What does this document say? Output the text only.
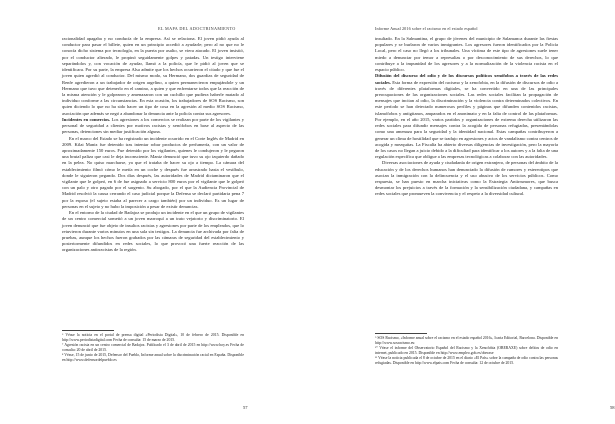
EL MAPA DEL ADOCTRINAMIENTO

racionalidad apagaba y no conducía de la empresa. Así se relaciona. El joven pidió ayuda al conductor para pasar el billete, quien en un principio accedió a ayudarle; pero al no que no le conocía dicho sistema por tecnología, en la puerta por asalto, se viera atacado. El joven insistió, por el conductor alterado, le propinó seguidamente golpes y patadas. Un testigo interviene separándolos y, con vocación de ayudar, llamó a la policía, que le pidió al joven que se identificara. Por su parte, la empresa Alsa admite que los hechos ocurrieron el citado y que fue el joven quien agredió al conductor. Del mismo modo, su Hermano, dos guardias de seguridad de Renfe agredieron a un trabajador de origen argelino, a quien permanecieron empujándole y un Hermano que tuvo que detenerlo en el camino, a quien y que enfrentarse todos que la reacción de la misma atención y le golpearon y amenazaron con un cuchillo que pudiera haberle matado al individuo conforme a las circunstancias. En esta ocasión, los trabajadores de SOS Racismo, son quien diciendo lo que no ha sido hacer un tipo de cosa en la agresión al medio SOS Racismo, asociación que además se negó a abandonar la denuncia ante la policía contra sus agresores.

Incidentes en comercios. Los agresiones a los comercios se realizan por parte de los vigilantes y personal de seguridad a clientes por motivos racistas y xenófobos en base al aspecto de las personas, detenciones sin mediar justificación alguna.

En el marco del Estado se ha registrado un incidente ocurrido en el Corte Inglés de Madrid en 2009. Kilai Maniz fue detenido tras intentar robar productos de perfumería, con un valor de aproximadamente 150 euros. Fue detenido por los vigilantes, quienes le condujeron y le pegaron una brutal paliza que casi le deja inconsciente. Maniz denunció que tuvo su ojo izquierdo dañado en la pelea. No quiso marcharse, ya que el trataba de hacer su ojo a tiempo. La cámara del establecimiento filmó cómo le metía en un coche y después fue arrastrado hasta el vestíbulo, donde le siguieron pegando. Dos días después, las autoridades de Madrid dictaminaron que el vigilante que le golpeó, en 6 de fue asignado a servicio 800 euros por el vigilante que le golpeó con un palo y otro pagado por el sargento. Su abogado, por el que la Audiencia Provincial de Madrid resolvió la causa cerrando el caso judicial porque la Defensa se declaró partidaria pena 7 por la esposa (el sujeto estaba al parecer a cargo también) por un individuo. Es un lugar de personas en el sujeto y no hubo la imposición a pesar de existir denuncias.

En el entorno de la ciudad de Badajoz se produjo un incidente en el que un grupo de vigilantes de un centro comercial sometió a un joven marroquí a un trato vejatorio y discriminatorio. El joven denunció que fue objeto de insultos racistas y agresiones por parte de los empleados, que lo retuvieron durante varios minutos en una sala sin testigos. La denuncia fue archivada por falta de pruebas, aunque los hechos fueron grabados por las cámaras de seguridad del establecimiento y posteriormente difundidos en redes sociales, lo que provocó una fuerte reacción de las organizaciones antirracistas de la región.

⁶ Véase la noticia en el portal de prensa digital «Periodista Digital», 10 de febrero de 2015. Disponible en http://www.periodistadigital.com Fecha de consulta: 15 de marzo de 2015.

⁷ Agresión racista en un centro comercial de Badajoz. Publicado el 3 de abril de 2015 en http://www.hoy.es Fecha de consulta: 20 de abril de 2015.

⁸ Véase, 15 de junio de 2015, Defensor del Pueblo, Informe anual sobre la discriminación racial en España. Disponible en http://www.defensordelpueblo.es

57
Informe Anual 2016 sobre el racismo en el estado español

insultado. En la Salmantina, el grupo de jóvenes del municipio de Salamanca durante las fiestas populares y se burlaron de varios inmigrantes. Los agresores fueron identificados por la Policía Local, pero el caso no llegó a los tribunales. Una víctima de este tipo de agresiones suele tener miedo a denunciar por temor a represalias o por desconocimiento de sus derechos, lo que contribuye a la impunidad de los agresores y a la normalización de la violencia racista en el espacio público.

Difusión del discurso del odio y de los discursos políticos xenófobos a través de las redes sociales. Esta forma de expresión del racismo y la xenofobia, en la difusión de discursos de odio a través de diferentes plataformas digitales, se ha convertido en una de las principales preocupaciones de las organizaciones sociales. Las redes sociales facilitan la propagación de mensajes que incitan al odio, la discriminación y la violencia contra determinados colectivos. En este período se han detectado numerosos perfiles y páginas que difunden contenidos racistas, islamófobos y antigitanos, amparados en el anonimato y en la falta de control de las plataformas. Por ejemplo, en el año 2015, varios partidos y organizaciones de extrema derecha utilizaron las redes sociales para difundir mensajes contra la acogida de personas refugiadas, presentándolas como una amenaza para la seguridad y la identidad nacional. Estas campañas contribuyeron a generar un clima de hostilidad que se tradujo en agresiones y actos de vandalismo contra centros de acogida y mezquitas. La Fiscalía ha abierto diversas diligencias de investigación, pero la mayoría de los casos no llegan a juicio debido a la dificultad para identificar a los autores y a la falta de una regulación específica que obligue a las empresas tecnológicas a colaborar con las autoridades.

Diversas asociaciones de ayuda y ciudadanía de origen extranjero, de personas del ámbito de la educación y de los derechos humanos han denunciado la difusión de rumores y estereotipos que asocian la inmigración con la delincuencia y el uso abusivo de los servicios públicos. Como respuesta, se han puesto en marcha iniciativas como la Estrategia Antirrumores, que busca desmontar los prejuicios a través de la formación y la sensibilización ciudadana, y campañas en redes sociales que promueven la convivencia y el respeto a la diversidad cultural.

⁹ SOS Racismo, «Informe anual sobre el racismo en el estado español 2016», Icaria Editorial, Barcelona. Disponible en http://www.sosracismo.eu

¹⁰ Véase el informe del Observatorio Español del Racismo y la Xenofobia (OBERAXE) sobre delitos de odio en internet, publicado en 2015. Disponible en http://www.empleo.gob.es/oberaxe

¹¹ Véase la noticia publicada el 8 de octubre de 2015 en el diario «El País» sobre la campaña de odio contra las personas refugiadas. Disponible en http://www.elpais.com Fecha de consulta: 12 de octubre de 2015.

58
